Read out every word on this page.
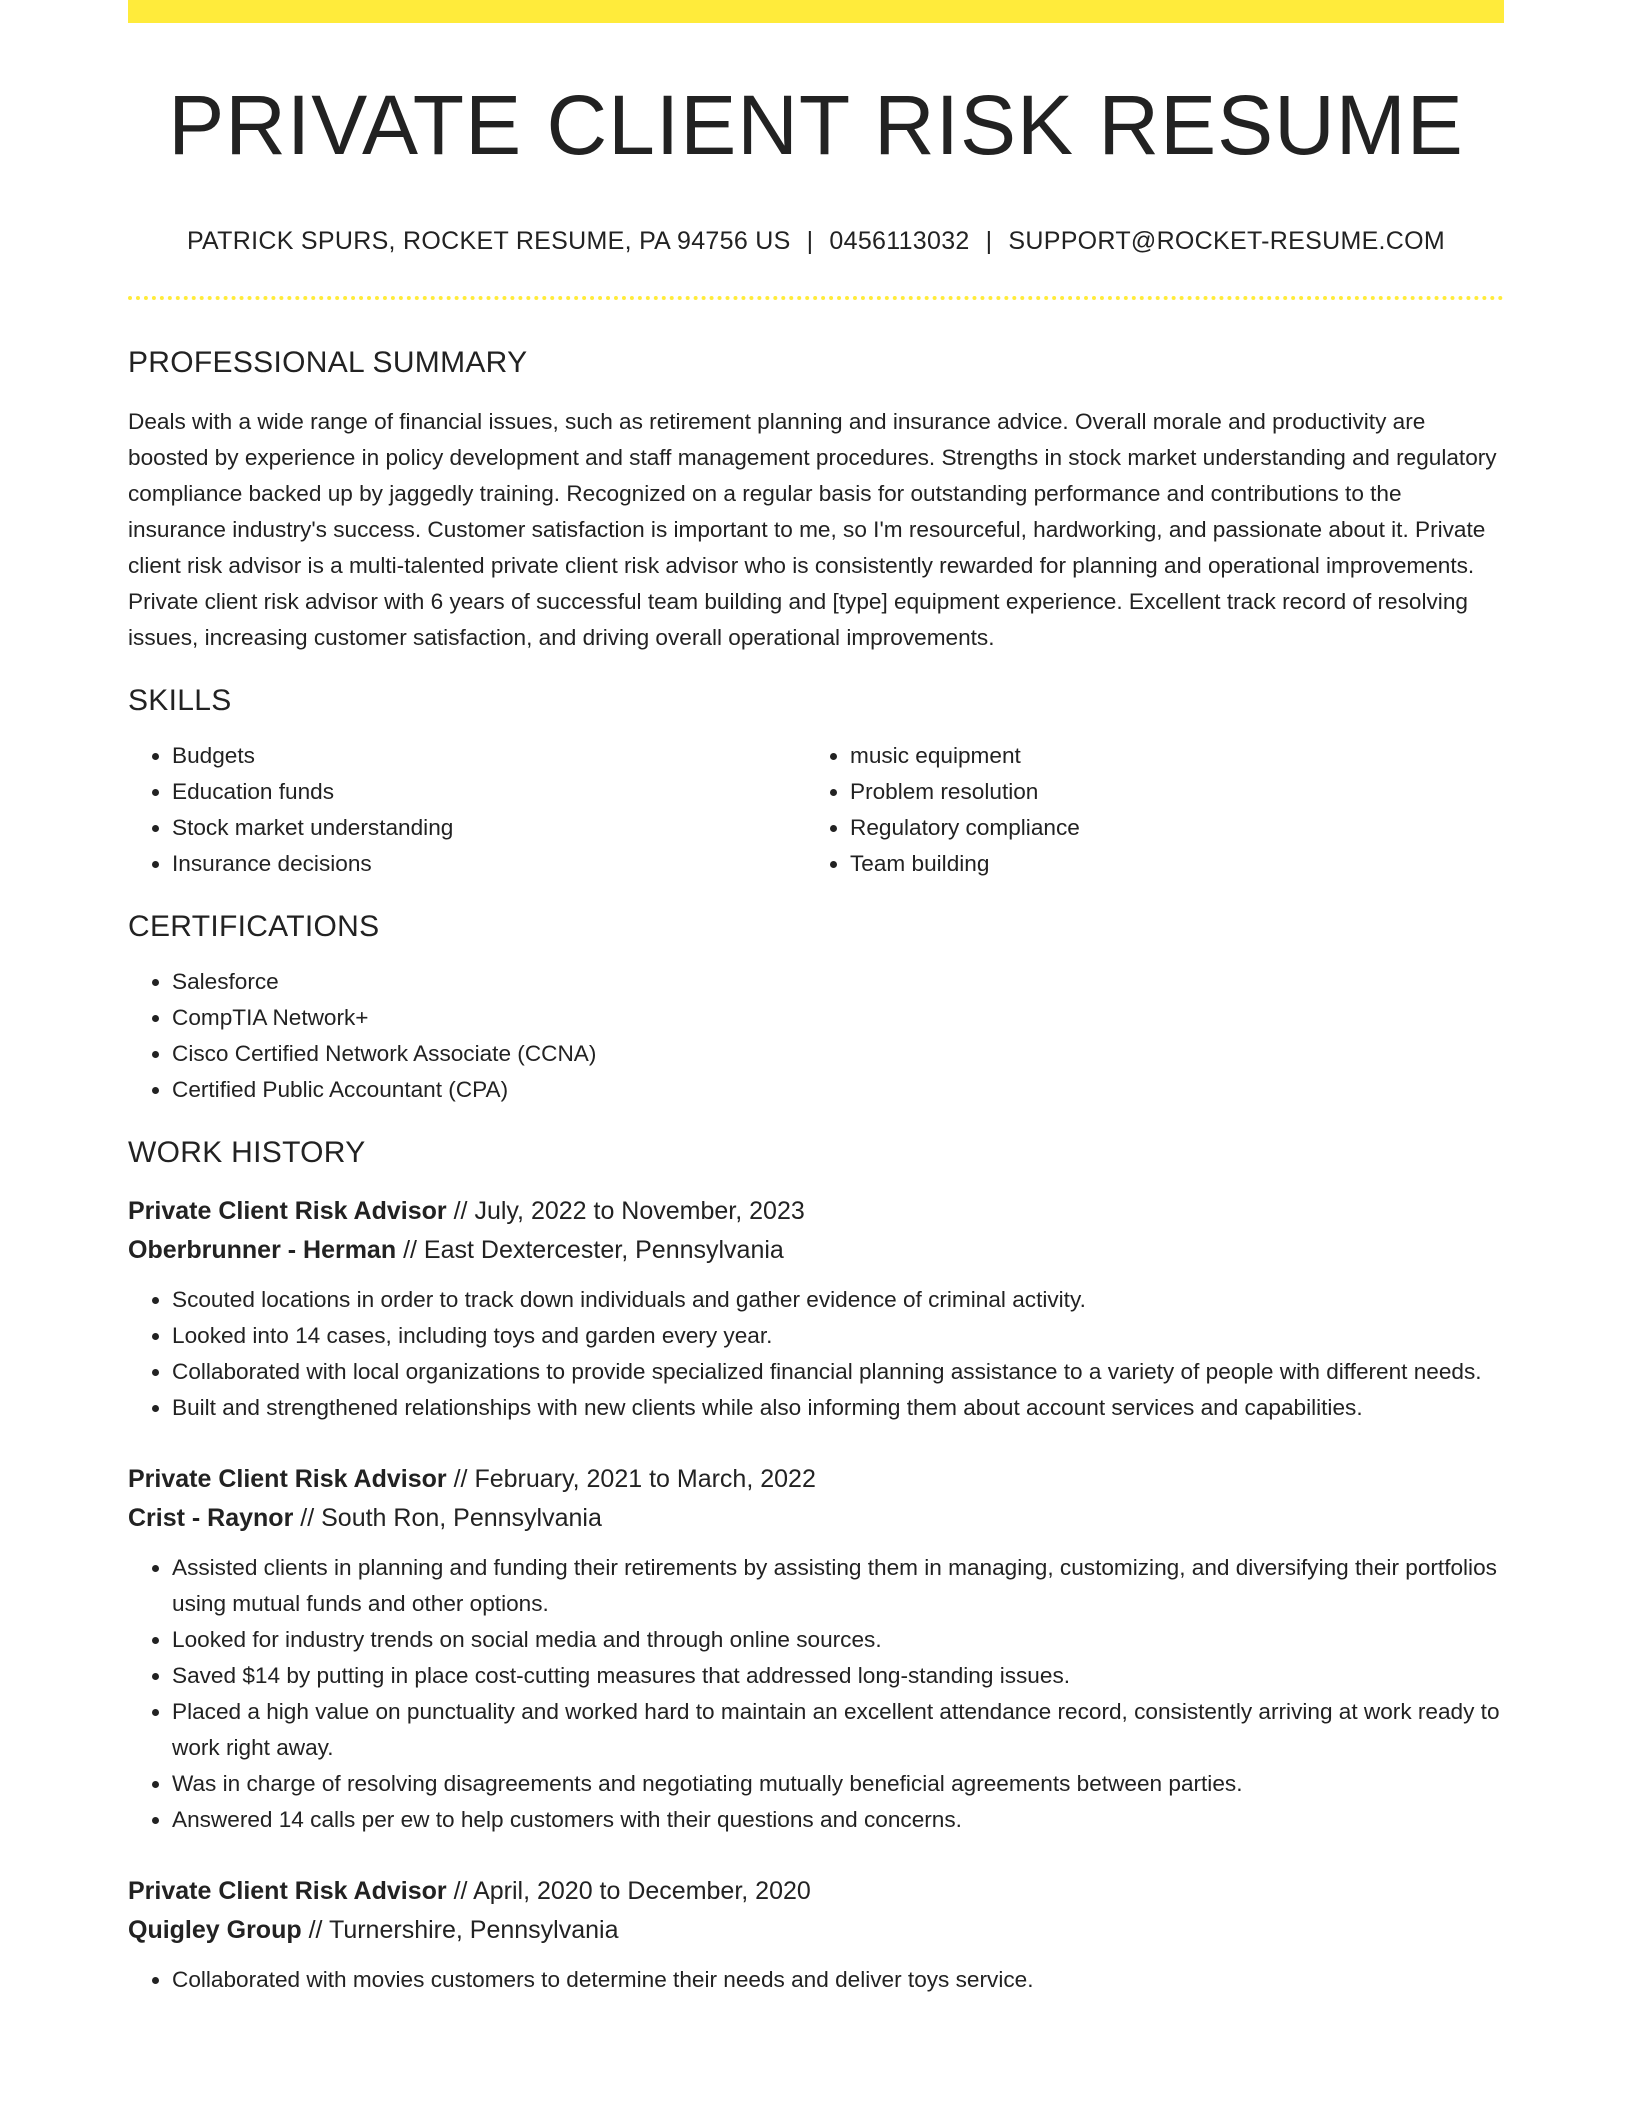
PRIVATE CLIENT RISK RESUME
PATRICK SPURS, ROCKET RESUME, PA 94756 US | 0456113032 | SUPPORT@ROCKET-RESUME.COM
PROFESSIONAL SUMMARY

Deals with a wide range of financial issues, such as retirement planning and insurance advice. Overall morale and productivity are boosted by experience in policy development and staff management procedures. Strengths in stock market understanding and regulatory compliance backed up by jaggedly training. Recognized on a regular basis for outstanding performance and contributions to the insurance industry's success. Customer satisfaction is important to me, so I'm resourceful, hardworking, and passionate about it. Private client risk advisor is a multi-talented private client risk advisor who is consistently rewarded for planning and operational improvements. Private client risk advisor with 6 years of successful team building and [type] equipment experience. Excellent track record of resolving issues, increasing customer satisfaction, and driving overall operational improvements.

SKILLS
• Budgets
• Education funds
• Stock market understanding
• Insurance decisions
• music equipment
• Problem resolution
• Regulatory compliance
• Team building
CERTIFICATIONS
• Salesforce
• CompTIA Network+
• Cisco Certified Network Associate (CCNA)
• Certified Public Accountant (CPA)
WORK HISTORY
Private Client Risk Advisor // July, 2022 to November, 2023
Oberbrunner - Herman // East Dextercester, Pennsylvania
• Scouted locations in order to track down individuals and gather evidence of criminal activity.
• Looked into 14 cases, including toys and garden every year.
• Collaborated with local organizations to provide specialized financial planning assistance to a variety of people with different needs.
• Built and strengthened relationships with new clients while also informing them about account services and capabilities.
Private Client Risk Advisor // February, 2021 to March, 2022
Crist - Raynor // South Ron, Pennsylvania
• Assisted clients in planning and funding their retirements by assisting them in managing, customizing, and diversifying their portfolios using mutual funds and other options.
• Looked for industry trends on social media and through online sources.
• Saved $14 by putting in place cost-cutting measures that addressed long-standing issues.
• Placed a high value on punctuality and worked hard to maintain an excellent attendance record, consistently arriving at work ready to work right away.
• Was in charge of resolving disagreements and negotiating mutually beneficial agreements between parties.
• Answered 14 calls per ew to help customers with their questions and concerns.
Private Client Risk Advisor // April, 2020 to December, 2020
Quigley Group // Turnershire, Pennsylvania
• Collaborated with movies customers to determine their needs and deliver toys service.
